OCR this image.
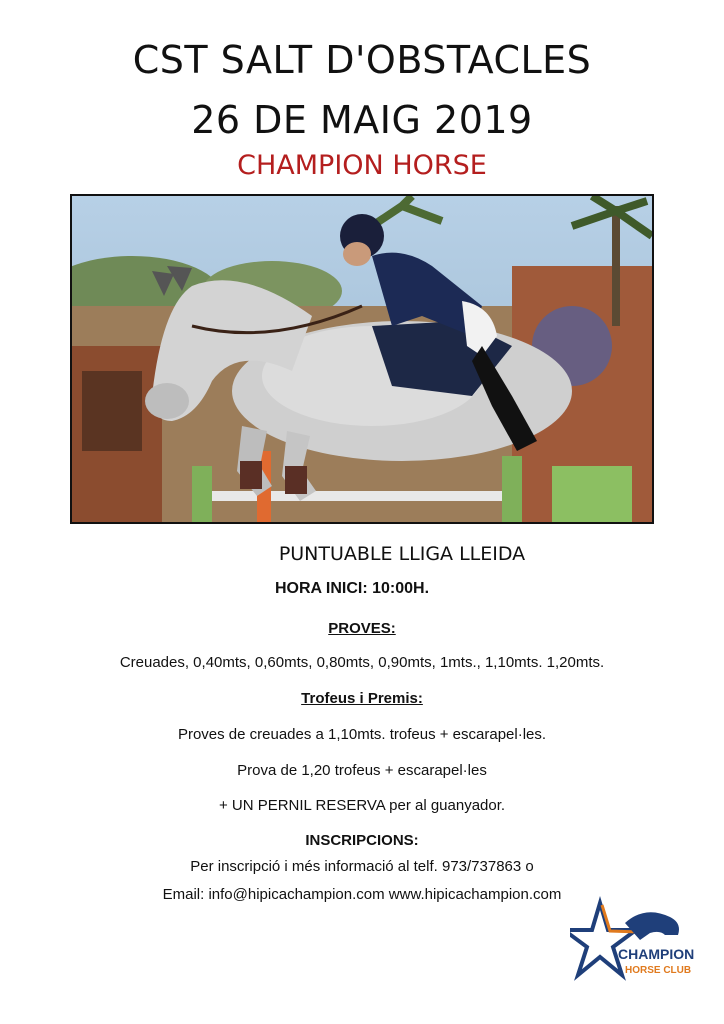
CST SALT D'OBSTACLES
26 DE MAIG 2019
CHAMPION HORSE
PUNTUABLE LLIGA LLEIDA
HORA INICI: 10:00H.
PROVES:
Creuades, 0,40mts, 0,60mts, 0,80mts, 0,90mts, 1mts., 1,10mts. 1,20mts.
Trofeus i Premis:
Proves de creuades a 1,10mts. trofeus + escarapel·les.
Prova de 1,20 trofeus + escarapel·les
+ UN PERNIL RESERVA per al guanyador.
INSCRIPCIONS:
Per inscripció i més informació al telf. 973/737863 o
Email: info@hipicachampion.com www.hipicachampion.com
CHAMPION
HORSE CLUB
